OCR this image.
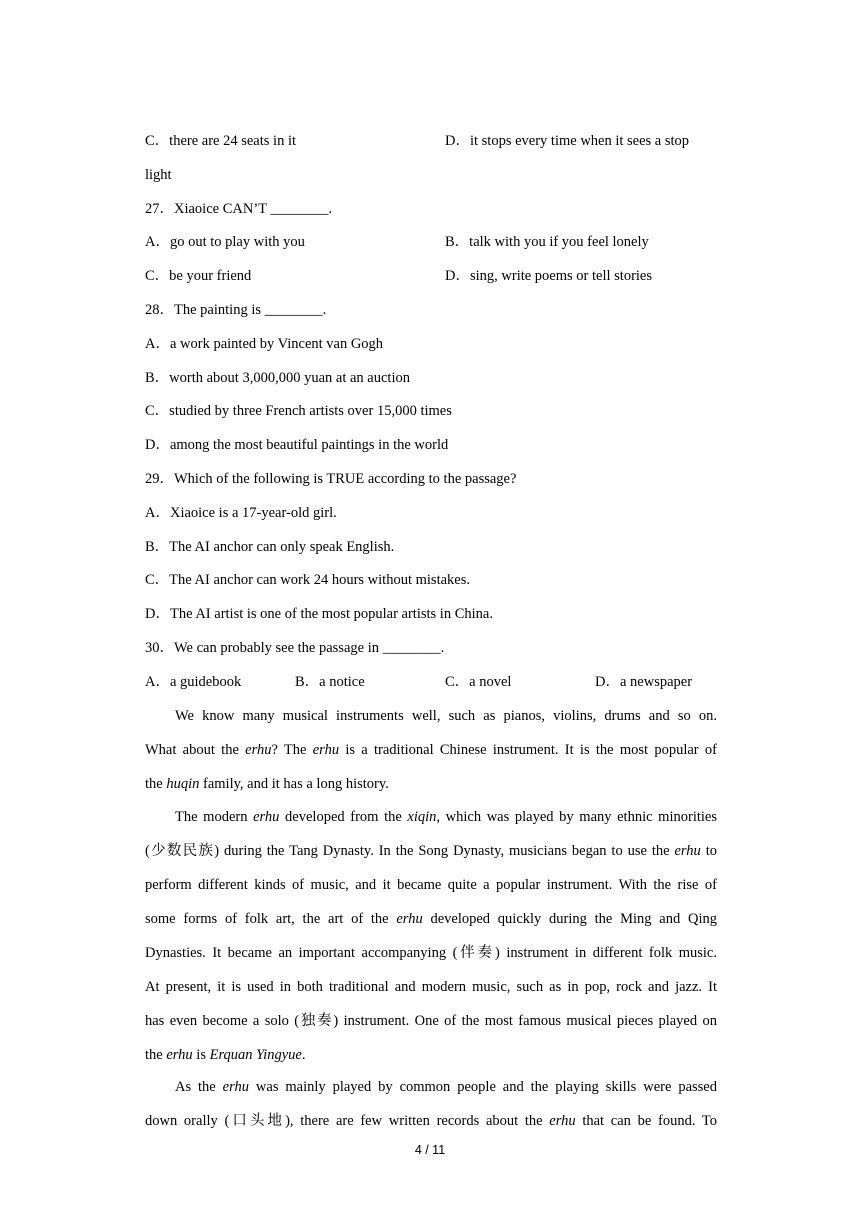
C．there are 24 seats in it	D．it stops every time when it sees a stop
light
27．Xiaoice CAN’T ________.
A．go out to play with you	B．talk with you if you feel lonely
C．be your friend	D．sing, write poems or tell stories
28．The painting is ________.
A．a work painted by Vincent van Gogh
B．worth about 3,000,000 yuan at an auction
C．studied by three French artists over 15,000 times
D．among the most beautiful paintings in the world
29．Which of the following is TRUE according to the passage?
A．Xiaoice is a 17-year-old girl.
B．The AI anchor can only speak English.
C．The AI anchor can work 24 hours without mistakes.
D．The AI artist is one of the most popular artists in China.
30．We can probably see the passage in ________.
A．a guidebook	B．a notice	C．a novel	D．a newspaper

We know many musical instruments well, such as pianos, violins, drums and so on.

What about the erhu? The erhu is a traditional Chinese instrument. It is the most popular of

the huqin family, and it has a long history.

The modern erhu developed from the xiqin, which was played by many ethnic minorities

(少数民族) during the Tang Dynasty. In the Song Dynasty, musicians began to use the erhu to

perform different kinds of music, and it became quite a popular instrument. With the rise of

some forms of folk art, the art of the erhu developed quickly during the Ming and Qing

Dynasties. It became an important accompanying (伴奏) instrument in different folk music.

At present, it is used in both traditional and modern music, such as in pop, rock and jazz. It

has even become a solo (独奏) instrument. One of the most famous musical pieces played on

the erhu is Erquan Yingyue.

As the erhu was mainly played by common people and the playing skills were passed

down orally (口头地), there are few written records about the erhu that can be found. To

4 / 11
